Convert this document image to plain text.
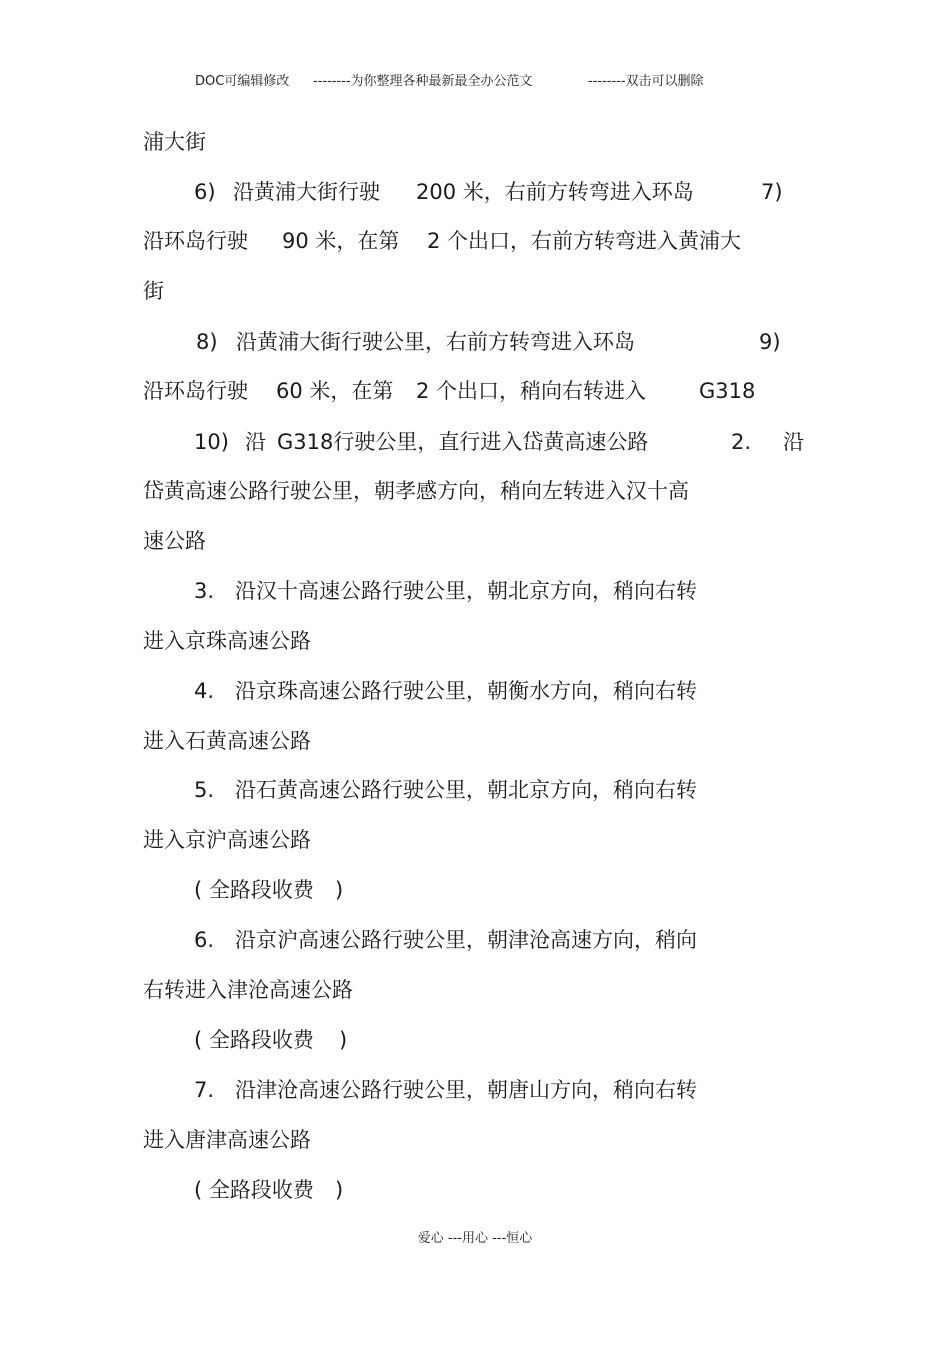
DOC可编辑修改 --------为你整理各种最新最全办公范文	--------双击可以删除
浦大街
6) 沿黄浦大街行驶 200 米，右前方转弯进入环岛	7)
沿环岛行驶 90 米，在第 2 个出口，右前方转弯进入黄浦大
街
8) 沿黄浦大街行驶公里，右前方转弯进入环岛	9)
沿环岛行驶 60 米，在第 2 个出口，稍向右转进入	G318
10) 沿 G318行驶公里，直行进入岱黄高速公路	2. 沿
岱黄高速公路行驶公里，朝孝感方向，稍向左转进入汉十高
速公路
3. 沿汉十高速公路行驶公里，朝北京方向，稍向右转
进入京珠高速公路
4. 沿京珠高速公路行驶公里，朝衡水方向，稍向右转
进入石黄高速公路
5. 沿石黄高速公路行驶公里，朝北京方向，稍向右转
进入京沪高速公路
( 全路段收费 )
6. 沿京沪高速公路行驶公里，朝津沧高速方向，稍向
右转进入津沧高速公路
( 全路段收费 )
7. 沿津沧高速公路行驶公里，朝唐山方向，稍向右转
进入唐津高速公路
( 全路段收费 )
爱心 ---用心 ---恒心
